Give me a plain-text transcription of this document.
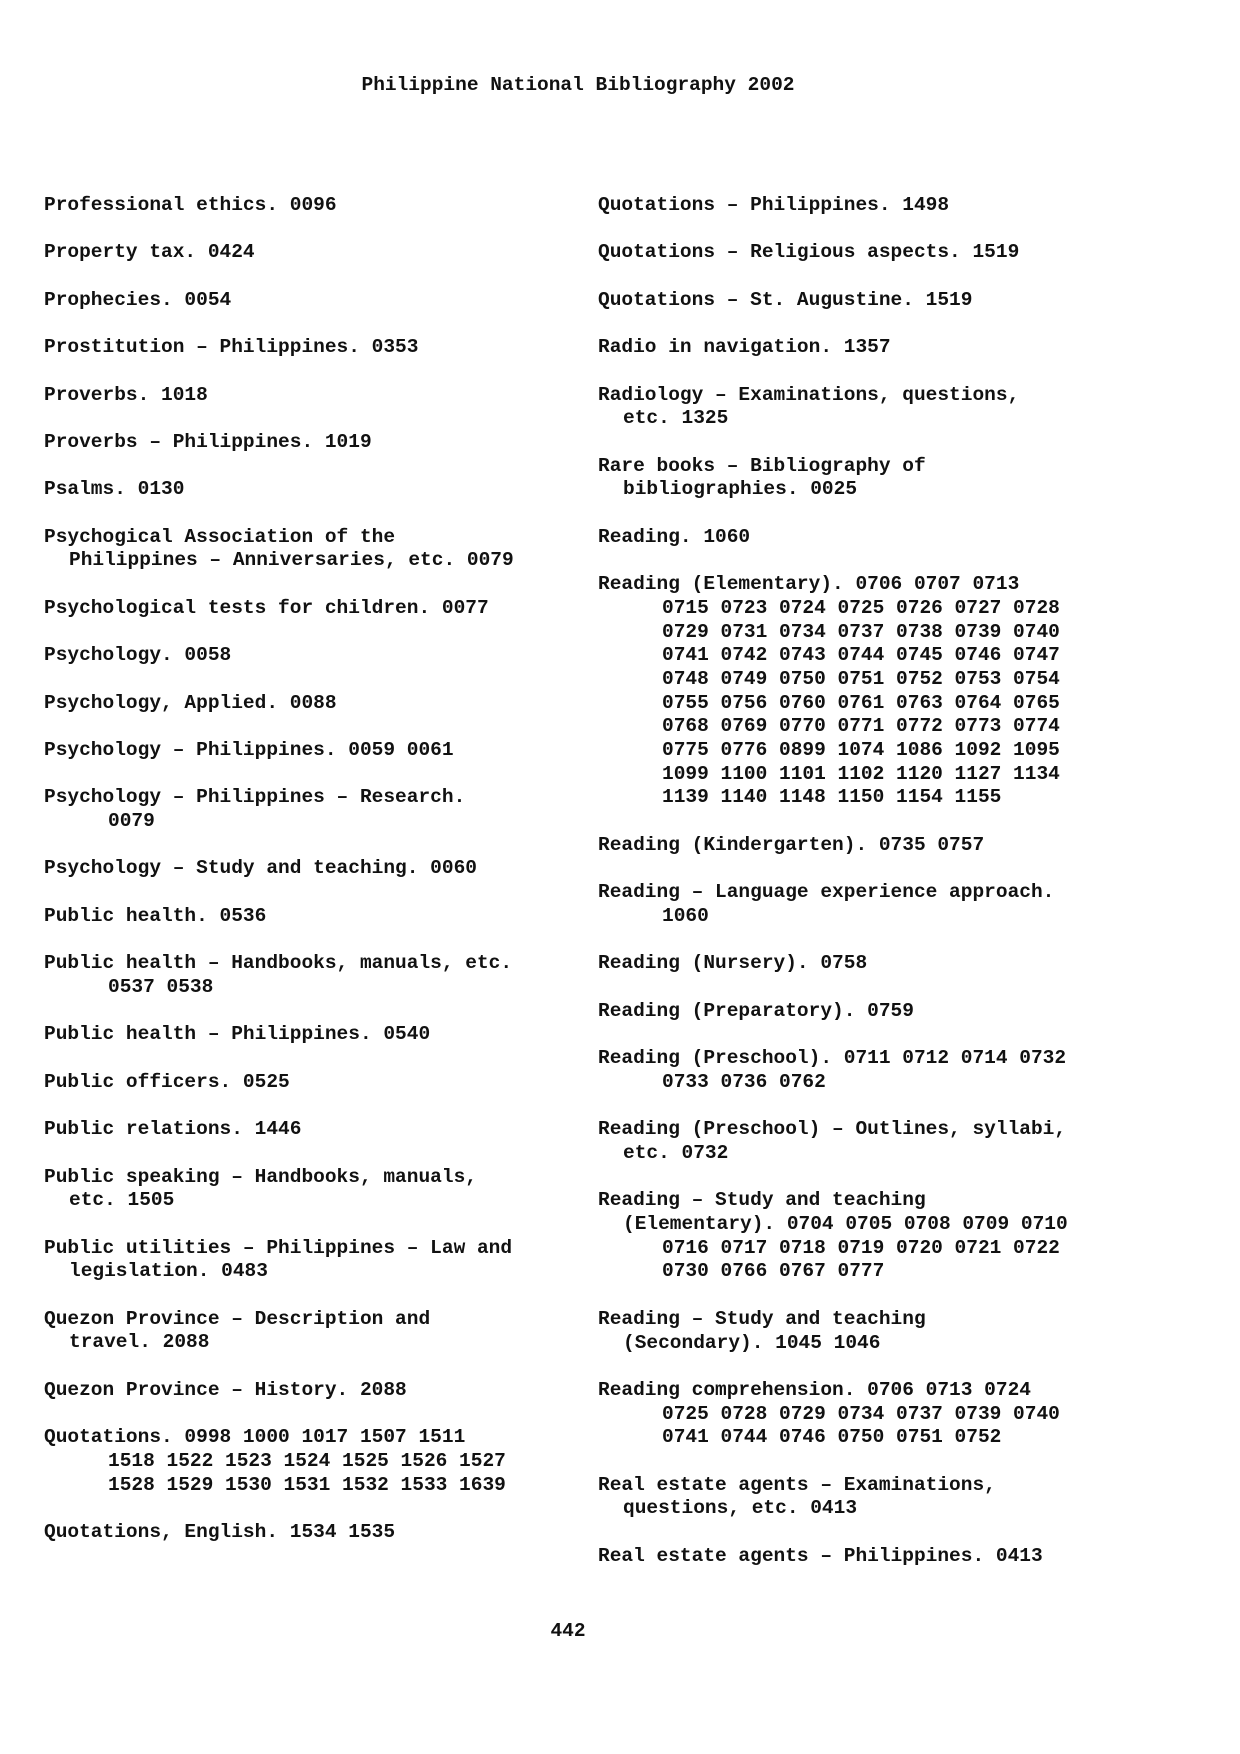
Philippine National Bibliography 2002
Professional ethics. 0096
Property tax. 0424
Prophecies. 0054
Prostitution – Philippines. 0353
Proverbs. 1018
Proverbs – Philippines. 1019
Psalms. 0130
Psychogical Association of the
Philippines – Anniversaries, etc. 0079
Psychological tests for children. 0077
Psychology. 0058
Psychology, Applied. 0088
Psychology – Philippines. 0059 0061
Psychology – Philippines – Research.
0079
Psychology – Study and teaching. 0060
Public health. 0536
Public health – Handbooks, manuals, etc.
0537 0538
Public health – Philippines. 0540
Public officers. 0525
Public relations. 1446
Public speaking – Handbooks, manuals,
etc. 1505
Public utilities – Philippines – Law and
legislation. 0483
Quezon Province – Description and
travel. 2088
Quezon Province – History. 2088
Quotations. 0998 1000 1017 1507 1511
1518 1522 1523 1524 1525 1526 1527
1528 1529 1530 1531 1532 1533 1639
Quotations, English. 1534 1535
Quotations – Philippines. 1498
Quotations – Religious aspects. 1519
Quotations – St. Augustine. 1519
Radio in navigation. 1357
Radiology – Examinations, questions,
etc. 1325
Rare books – Bibliography of
bibliographies. 0025
Reading. 1060
Reading (Elementary). 0706 0707 0713
0715 0723 0724 0725 0726 0727 0728
0729 0731 0734 0737 0738 0739 0740
0741 0742 0743 0744 0745 0746 0747
0748 0749 0750 0751 0752 0753 0754
0755 0756 0760 0761 0763 0764 0765
0768 0769 0770 0771 0772 0773 0774
0775 0776 0899 1074 1086 1092 1095
1099 1100 1101 1102 1120 1127 1134
1139 1140 1148 1150 1154 1155
Reading (Kindergarten). 0735 0757
Reading – Language experience approach.
1060
Reading (Nursery). 0758
Reading (Preparatory). 0759
Reading (Preschool). 0711 0712 0714 0732
0733 0736 0762
Reading (Preschool) – Outlines, syllabi,
etc. 0732
Reading – Study and teaching
(Elementary). 0704 0705 0708 0709 0710
0716 0717 0718 0719 0720 0721 0722
0730 0766 0767 0777
Reading – Study and teaching
(Secondary). 1045 1046
Reading comprehension. 0706 0713 0724
0725 0728 0729 0734 0737 0739 0740
0741 0744 0746 0750 0751 0752
Real estate agents – Examinations,
questions, etc. 0413
Real estate agents – Philippines. 0413
442
